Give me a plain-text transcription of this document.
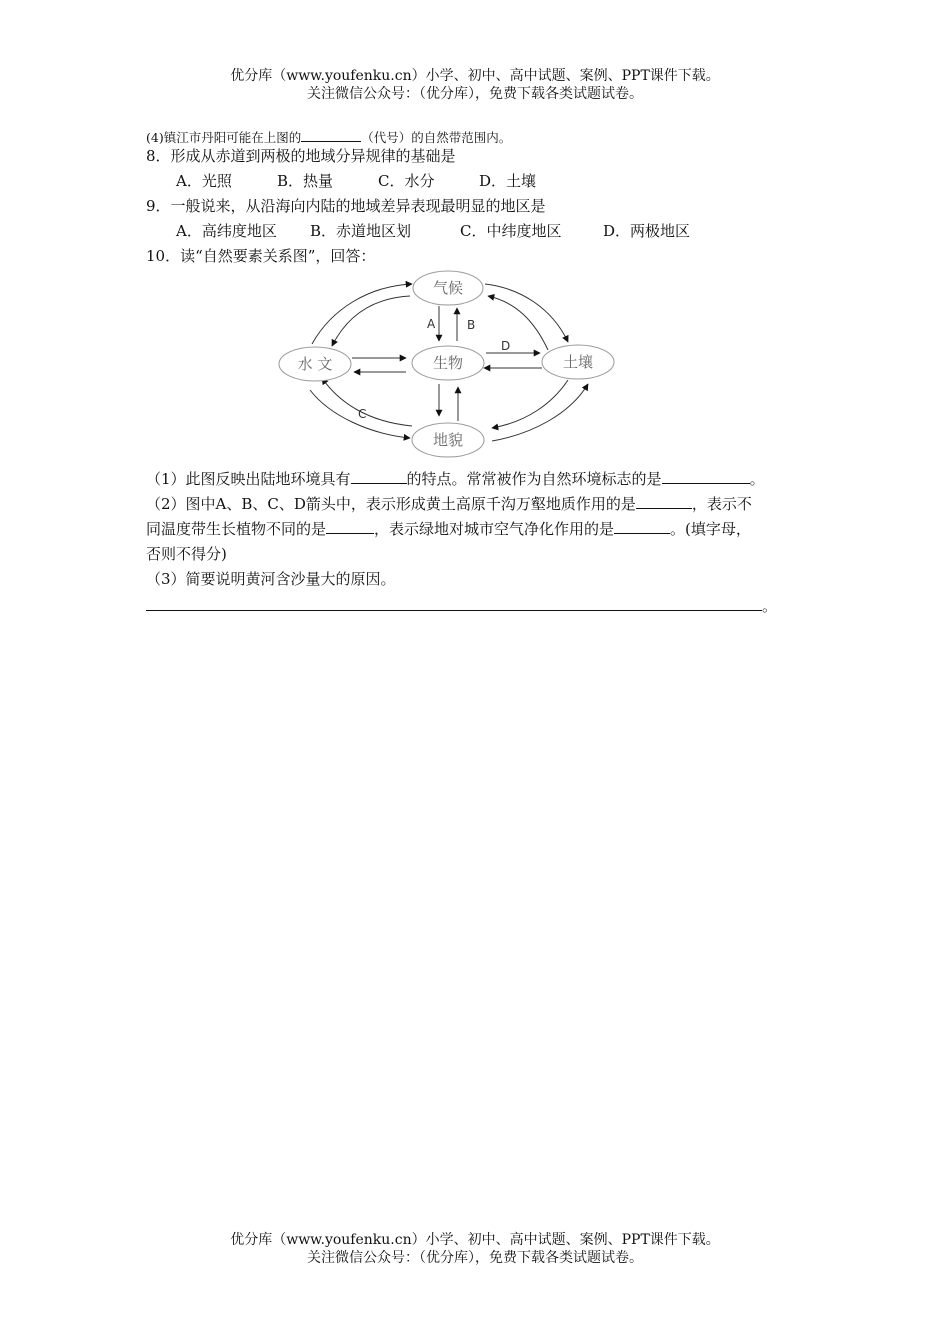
优分库（www.youfenku.cn）小学、初中、高中试题、案例、PPT课件下载。
关注微信公众号：（优分库），免费下载各类试题试卷。
(4)镇江市丹阳可能在上图的	（代号）的自然带范围内。
8．形成从赤道到两极的地域分异规律的基础是
A．光照	B．热量	C．水分	D．土壤
9．一般说来，从沿海向内陆的地域差异表现最明显的地区是
A．高纬度地区 B．赤道地区划	C．中纬度地区	D．两极地区
10．读“自然要素关系图”，回答：
气候
水 文	生物	土壤
地貌
A	B
C
D
（1）此图反映出陆地环境具有	的特点。常常被作为自然环境标志的是	。
（2）图中A、B、C、D箭头中，表示形成黄土高原千沟万壑地质作用的是	，表示不
同温度带生长植物不同的是	，表示绿地对城市空气净化作用的是	。(填字母，
否则不得分)
（3）简要说明黄河含沙量大的原因。
。
优分库（www.youfenku.cn）小学、初中、高中试题、案例、PPT课件下载。
关注微信公众号：（优分库），免费下载各类试题试卷。
